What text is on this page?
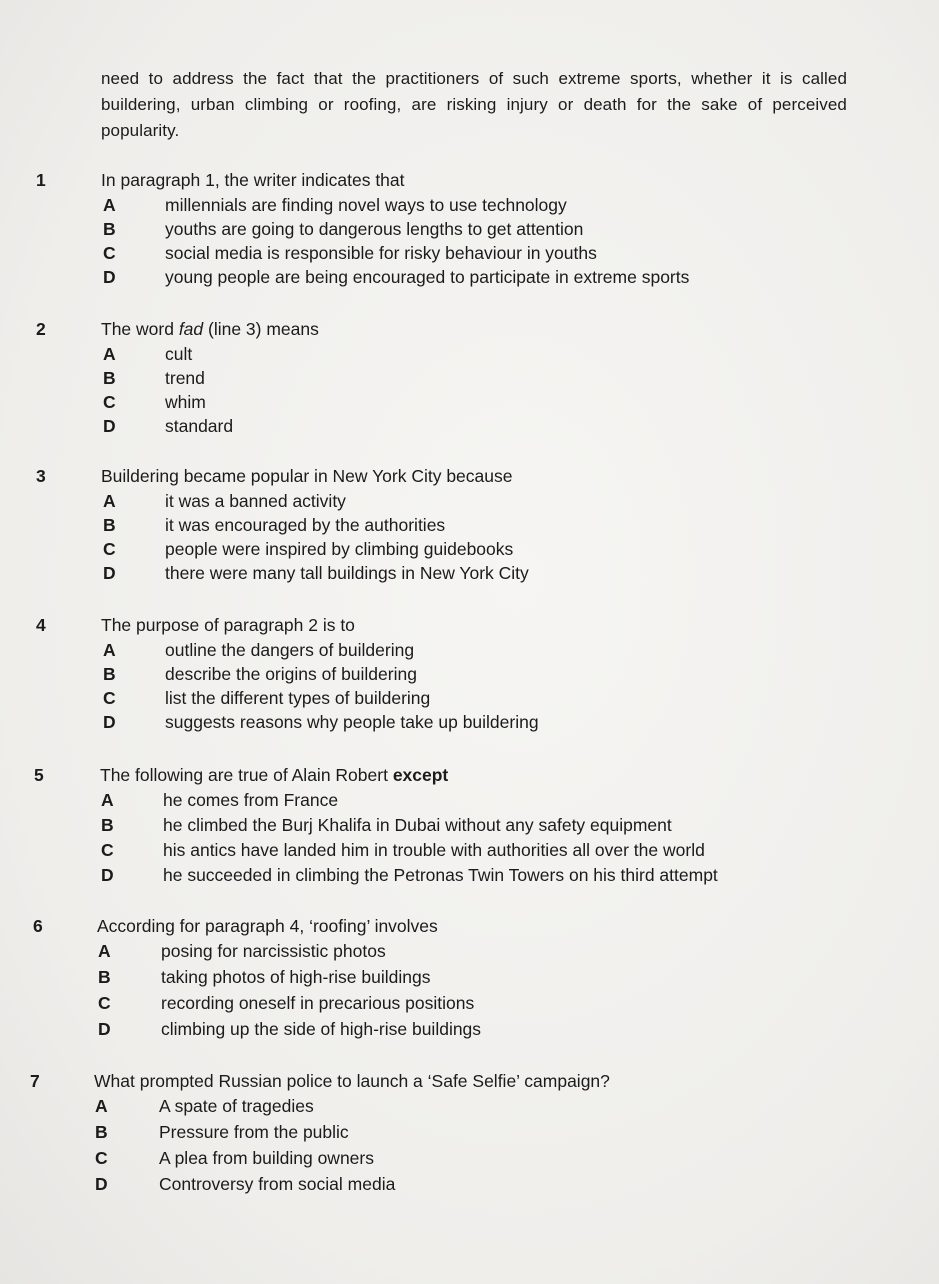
need to address the fact that the practitioners of such extreme sports, whether it is called buildering, urban climbing or roofing, are risking injury or death for the sake of perceived popularity.

1	In paragraph 1, the writer indicates that
A	millennials are finding novel ways to use technology
B	youths are going to dangerous lengths to get attention
C	social media is responsible for risky behaviour in youths
D	young people are being encouraged to participate in extreme sports
2	The word fad (line 3) means
A	cult
B	trend
C	whim
D	standard
3	Buildering became popular in New York City because
A	it was a banned activity
B	it was encouraged by the authorities
C	people were inspired by climbing guidebooks
D	there were many tall buildings in New York City
4	The purpose of paragraph 2 is to
A	outline the dangers of buildering
B	describe the origins of buildering
C	list the different types of buildering
D	suggests reasons why people take up buildering
5	The following are true of Alain Robert except
A	he comes from France
B	he climbed the Burj Khalifa in Dubai without any safety equipment
C	his antics have landed him in trouble with authorities all over the world
D	he succeeded in climbing the Petronas Twin Towers on his third attempt
6	According for paragraph 4, ‘roofing’ involves
A	posing for narcissistic photos
B	taking photos of high-rise buildings
C	recording oneself in precarious positions
D	climbing up the side of high-rise buildings
7	What prompted Russian police to launch a ‘Safe Selfie’ campaign?
A	A spate of tragedies
B	Pressure from the public
C	A plea from building owners
D	Controversy from social media
